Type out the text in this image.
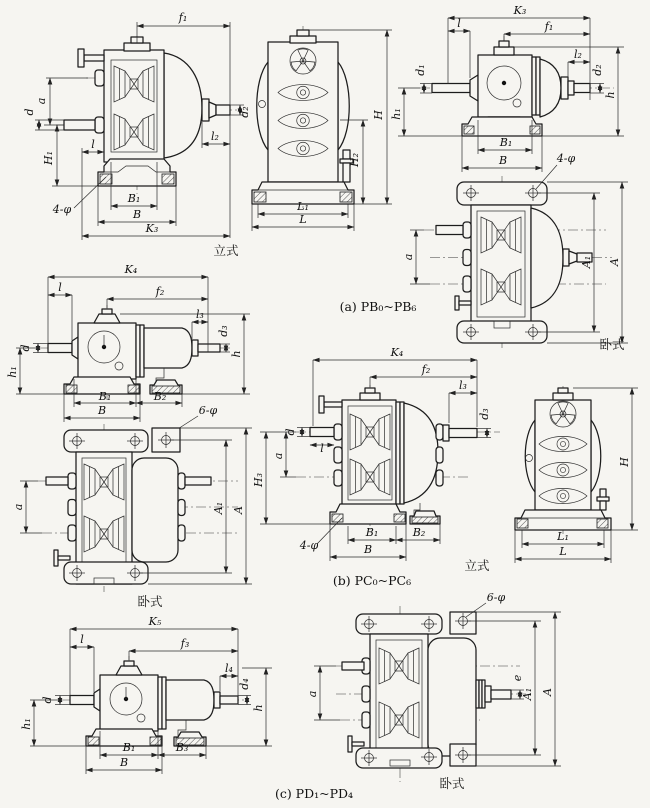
f₁
l₂
d₂
a
d
H₁
l
B₁
B
K₃
4-φ
立式
H
H₂
L₁
L
K₃
l	f₁
l₂
d₂
d₁
h
h₁
B₁
B	4-φ
a	A₁ A
卧式
(a) PB₀~PB₆
K₄
l	f₂
l₃
d₃
d
h₁
h
B₁	B₂
B	6-φ
a	A₁ A
卧式
K₄
f₂
l₃
d₃
d
l
a
H₃
4-φ
B₁	B₂
B
(b) PC₀~PC₆
H
L₁
L
立式
K₅
l	f₃
l₄
d₄
d
h₁
h
B₁	B₃
B
6-φ
e
A₁ A
a
卧式
(c) PD₁~PD₄
